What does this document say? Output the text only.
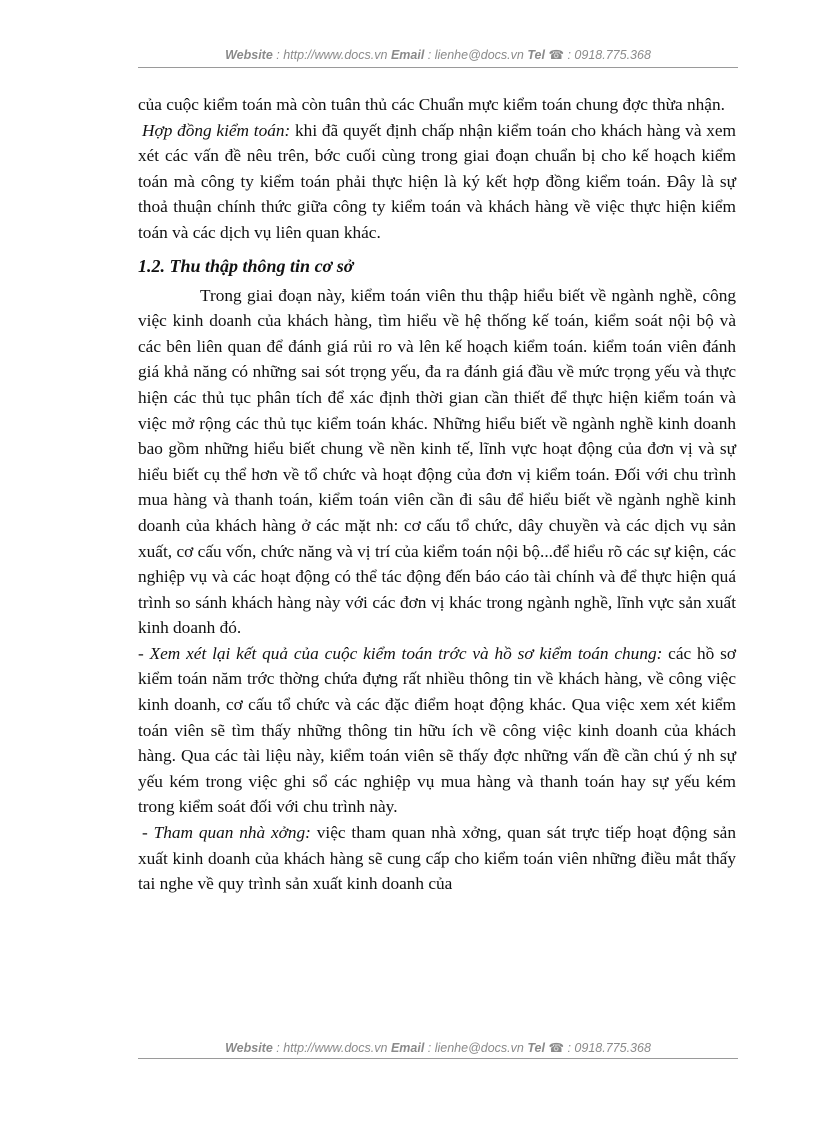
Website : http://www.docs.vn Email : lienhe@docs.vn Tel ☎ : 0918.775.368

của cuộc kiểm toán mà còn tuân thủ các Chuẩn mực kiểm toán chung đợc thừa nhận.

Hợp đồng kiểm toán: khi đã quyết định chấp nhận kiểm toán cho khách hàng và xem xét các vấn đề nêu trên, bớc cuối cùng trong giai đoạn chuẩn bị cho kế hoạch kiểm toán mà công ty kiểm toán phải thực hiện là ký kết hợp đồng kiểm toán. Đây là sự thoả thuận chính thức giữa công ty kiểm toán và khách hàng về việc thực hiện kiểm toán và các dịch vụ liên quan khác.

1.2. Thu thập thông tin cơ sở

Trong giai đoạn này, kiểm toán viên thu thập hiểu biết về ngành nghề, công việc kinh doanh của khách hàng, tìm hiểu về hệ thống kế toán, kiểm soát nội bộ và các bên liên quan để đánh giá rủi ro và lên kế hoạch kiểm toán. kiểm toán viên đánh giá khả năng có những sai sót trọng yếu, đa ra đánh giá đầu về mức trọng yếu và thực hiện các thủ tục phân tích để xác định thời gian cần thiết để thực hiện kiểm toán và việc mở rộng các thủ tục kiểm toán khác. Những hiểu biết về ngành nghề kinh doanh bao gồm những hiểu biết chung về nền kinh tế, lĩnh vực hoạt động của đơn vị và sự hiểu biết cụ thể hơn về tổ chức và hoạt động của đơn vị kiểm toán. Đối với chu trình mua hàng và thanh toán, kiểm toán viên cần đi sâu để hiểu biết về ngành nghề kinh doanh của khách hàng ở các mặt nh: cơ cấu tổ chức, dây chuyền và các dịch vụ sản xuất, cơ cấu vốn, chức năng và vị trí của kiểm toán nội bộ...để hiểu rõ các sự kiện, các nghiệp vụ và các hoạt động có thể tác động đến báo cáo tài chính và để thực hiện quá trình so sánh khách hàng này với các đơn vị khác trong ngành nghề, lĩnh vực sản xuất kinh doanh đó.

- Xem xét lại kết quả của cuộc kiểm toán trớc và hồ sơ kiểm toán chung: các hồ sơ kiểm toán năm trớc thờng chứa đựng rất nhiều thông tin về khách hàng, về công việc kinh doanh, cơ cấu tổ chức và các đặc điểm hoạt động khác. Qua việc xem xét kiểm toán viên sẽ tìm thấy những thông tin hữu ích về công việc kinh doanh của khách hàng. Qua các tài liệu này, kiểm toán viên sẽ thấy đợc những vấn đề cần chú ý nh sự yếu kém trong việc ghi sổ các nghiệp vụ mua hàng và thanh toán hay sự yếu kém trong kiểm soát đối với chu trình này.

- Tham quan nhà xởng: việc tham quan nhà xởng, quan sát trực tiếp hoạt động sản xuất kinh doanh của khách hàng sẽ cung cấp cho kiểm toán viên những điều mắt thấy tai nghe về quy trình sản xuất kinh doanh của

Website : http://www.docs.vn Email : lienhe@docs.vn Tel ☎ : 0918.775.368
